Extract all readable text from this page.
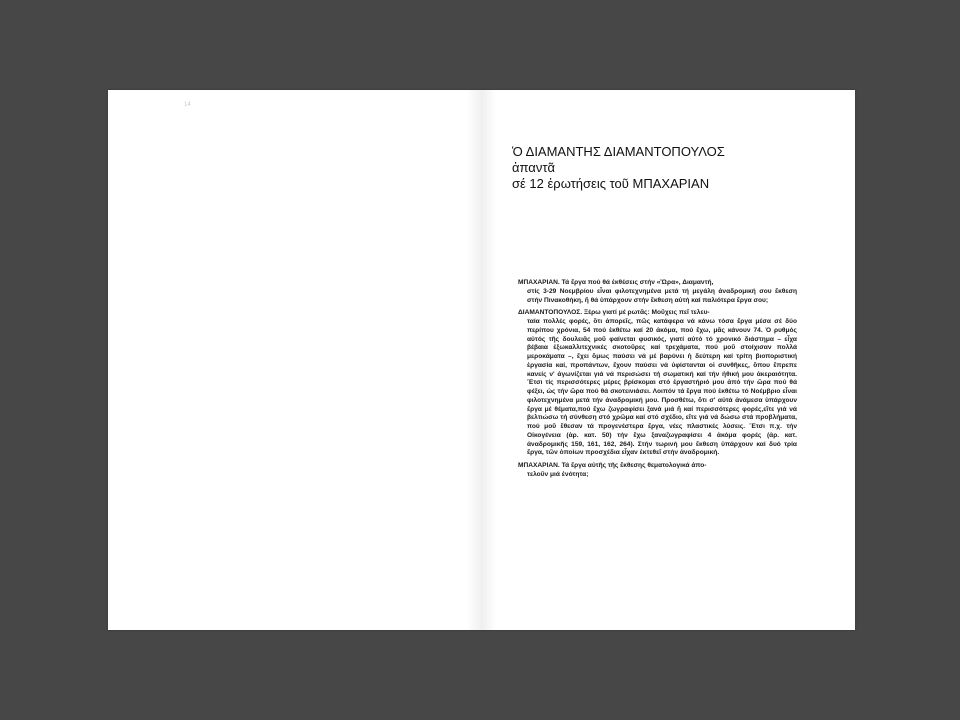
14
Ὁ ΔΙΑΜΑΝΤΗΣ ΔΙΑΜΑΝΤΟΠΟΥΛΟΣ
ἀπαντᾶ
σέ 12 ἐρωτήσεις τοῦ ΜΠΑΧΑΡΙΑΝ

ΜΠΑΧΑΡΙΑΝ. Τά ἔργα πού θά ἐκθέσεις στήν «Ὥρα», Διαμαντή,
στίς 3-29 Νοεμβρίου εἶναι φιλοτεχνημένα μετά τή μεγάλη ἀναδρομική σου ἔκθεση στήν Πινακοθήκη, ἤ θά ὑπάρχουν στήν ἔκθεση αὐτή καί παλιότερα ἔργα σου;

ΔΙΑΜΑΝΤΟΠΟΥΛΟΣ. Ξέρω γιατί μέ ρωτᾶς: Μοῦχεις πεῖ τελευ-
ταία πολλές φορές, ὅτι ἀπορεῖς, πῶς κατάφερα νά κάνω τόσα ἔργα μέσα σέ δύο περίπου χρόνια, 54 πού ἐκθέτω καί 20 ἀκόμα, πού ἔχω, μᾶς κάνουν 74. Ὁ ρυθμός αὐτός τῆς δουλειᾶς μοῦ φαίνεται φυσικός, γιατί αὐτό τό χρονικό διάστημα – εἶχα βέβαια ἐξωκαλλιτεχνικές σκοτοῦρες καί τρεχάματα, πού μοῦ στοίχισαν πολλά μεροκάματα –, ἔχει ὅμως παύσει νά μέ βαρύνει ἡ δεύτερη καί τρίτη βιοποριστική ἐργασία καί, προπάντων, ἔχουν παύσει νά ὑφίστανται οἱ συνθῆκες, ὅπου ἔπρεπε κανείς ν' ἀγωνίζεται γιά νά περισώσει τή σωματική καί τήν ἠθική μου ἀκεραιότητα. Ἔτσι τίς περισσότερες μέρες βρίσκομαι στό ἐργαστήριό μου ἀπό τήν ὥρα πού θά φέξει, ὡς τήν ὥρα πού θά σκοτεινιάσει. Λοιπόν τά ἔργα πού ἐκθέτω τό Νοέμβριο εἶναι φιλοτεχνημένα μετά τήν ἀναδρομική μου. Προσθέτω, ὅτι σ' αὐτά ἀνάμεσα ὑπάρχουν ἔργα μέ θέματα,πού ἔχω ζωγραφίσει ξανά μιά ἤ καί περισσότερες φορές,εἴτε γιά νά βελτιώσω τή σύνθεση στό χρῶμα καί στό σχέδιο, εἴτε γιά νά δώσω στά προβλήματα, πού μοῦ ἔθεσαν τά προγενέστερα ἔργα, νέες πλαστικές λύσεις. Ἔτσι π.χ. τήν Οἰκογένεια (ἀρ. κατ. 50) τήν ἔχω ξαναζωγραφίσει 4 ἀκόμα φορές (ἀρ. κατ. ἀναδρομικῆς 159, 161, 162, 264). Στήν τωρινή μου ἔκθεση ὑπάρχουν καί δυό τρία ἔργα, τῶν ὁποίων προσχέδια εἶχαν ἐκτεθεῖ στήν ἀναδρομική.

ΜΠΑΧΑΡΙΑΝ. Τά ἔργα αὐτῆς τῆς ἔκθεσης θεματολογικά ἀπο-
τελοῦν μιά ἑνότητα;
